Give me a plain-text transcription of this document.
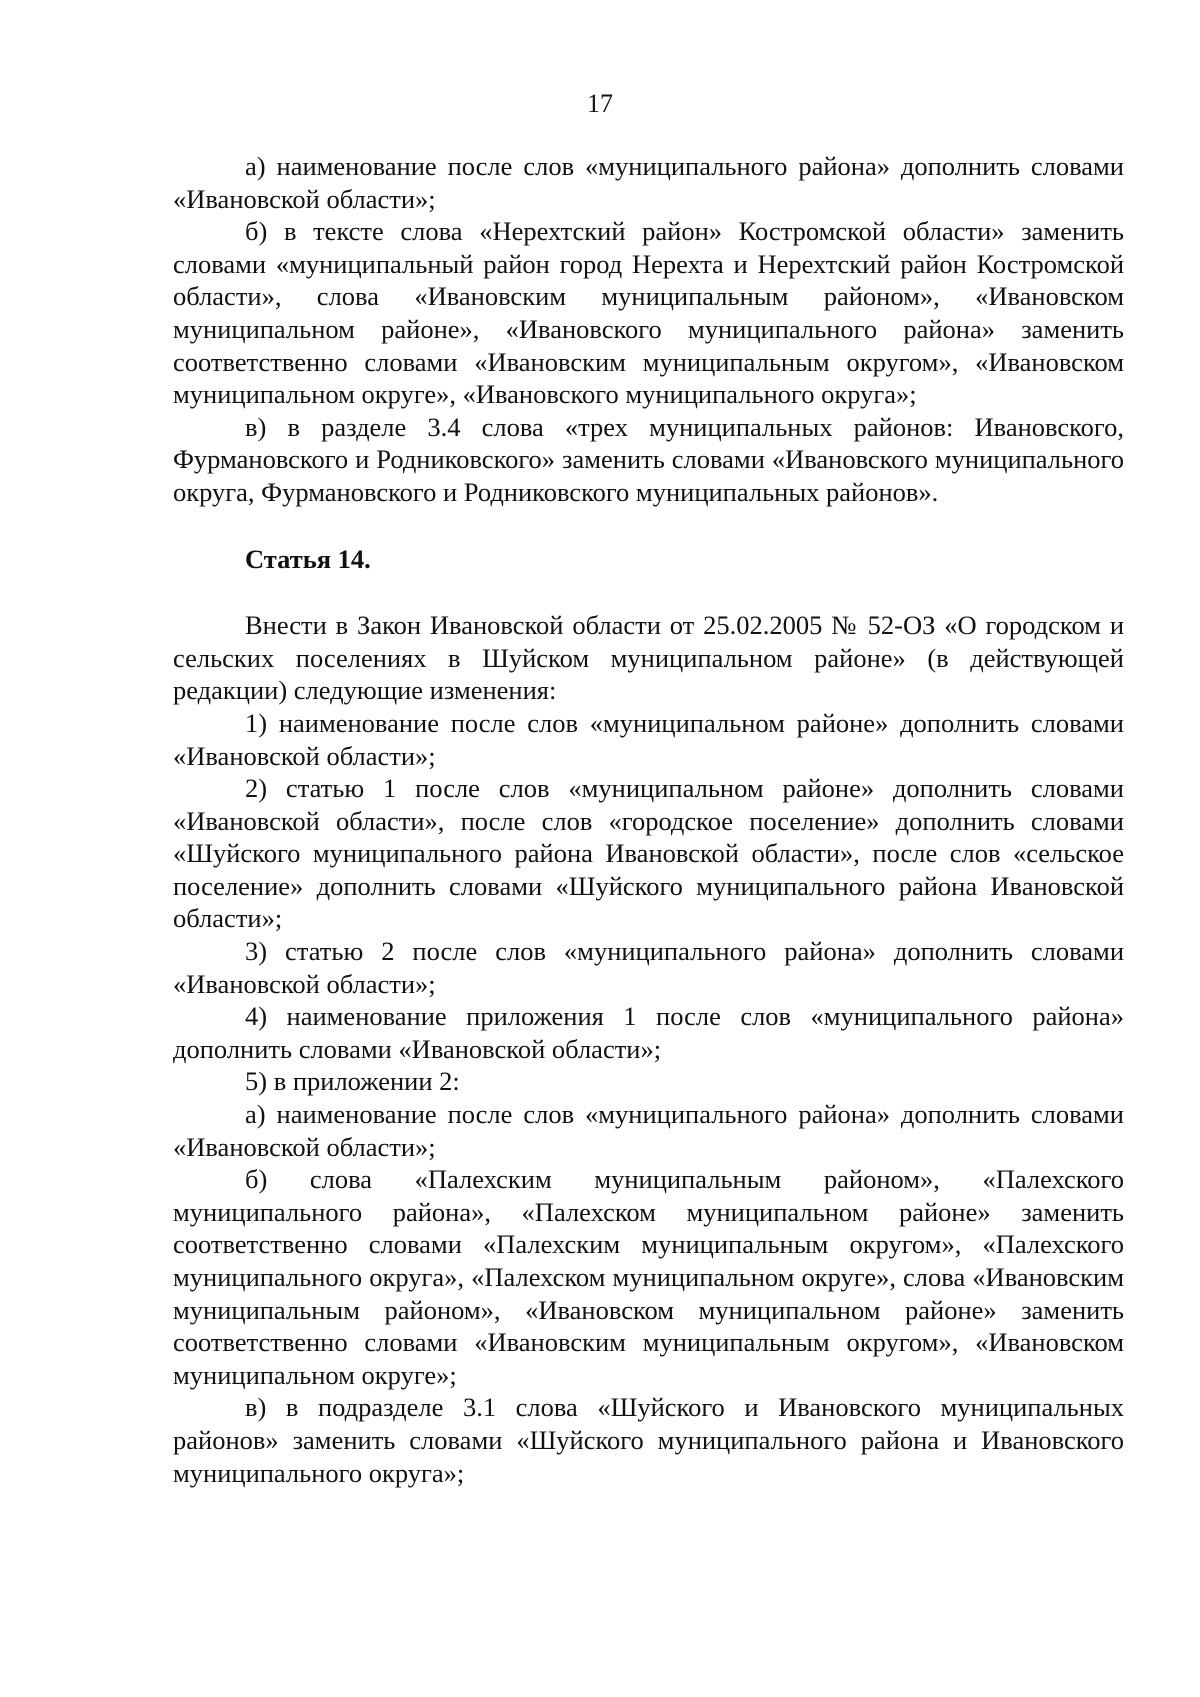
17

а) наименование после слов «муниципального района» дополнить словами «Ивановской области»;

б) в тексте слова «Нерехтский район» Костромской области» заменить словами «муниципальный район город Нерехта и Нерехтский район Костромской области», слова «Ивановским муниципальным районом», «Ивановском муниципальном районе», «Ивановского муниципального района» заменить соответственно словами «Ивановским муниципальным округом», «Ивановском муниципальном округе», «Ивановского муниципального округа»;

в) в разделе 3.4 слова «трех муниципальных районов: Ивановского, Фурмановского и Родниковского» заменить словами «Ивановского муниципального округа, Фурмановского и Родниковского муниципальных районов».

Статья 14.

Внести в Закон Ивановской области от 25.02.2005 № 52-ОЗ «О городском и сельских поселениях в Шуйском муниципальном районе» (в действующей редакции) следующие изменения:

1) наименование после слов «муниципальном районе» дополнить словами «Ивановской области»;

2) статью 1 после слов «муниципальном районе» дополнить словами «Ивановской области», после слов «городское поселение» дополнить словами «Шуйского муниципального района Ивановской области», после слов «сельское поселение» дополнить словами «Шуйского муниципального района Ивановской области»;

3) статью 2 после слов «муниципального района» дополнить словами «Ивановской области»;

4) наименование приложения 1 после слов «муниципального района» дополнить словами «Ивановской области»;

5) в приложении 2:

а) наименование после слов «муниципального района» дополнить словами «Ивановской области»;

б) слова «Палехским муниципальным районом», «Палехского муниципального района», «Палехском муниципальном районе» заменить соответственно словами «Палехским муниципальным округом», «Палехского муниципального округа», «Палехском муниципальном округе», слова «Ивановским муниципальным районом», «Ивановском муниципальном районе» заменить соответственно словами «Ивановским муниципальным округом», «Ивановском муниципальном округе»;

в) в подразделе 3.1 слова «Шуйского и Ивановского муниципальных районов» заменить словами «Шуйского муниципального района и Ивановского муниципального округа»;
